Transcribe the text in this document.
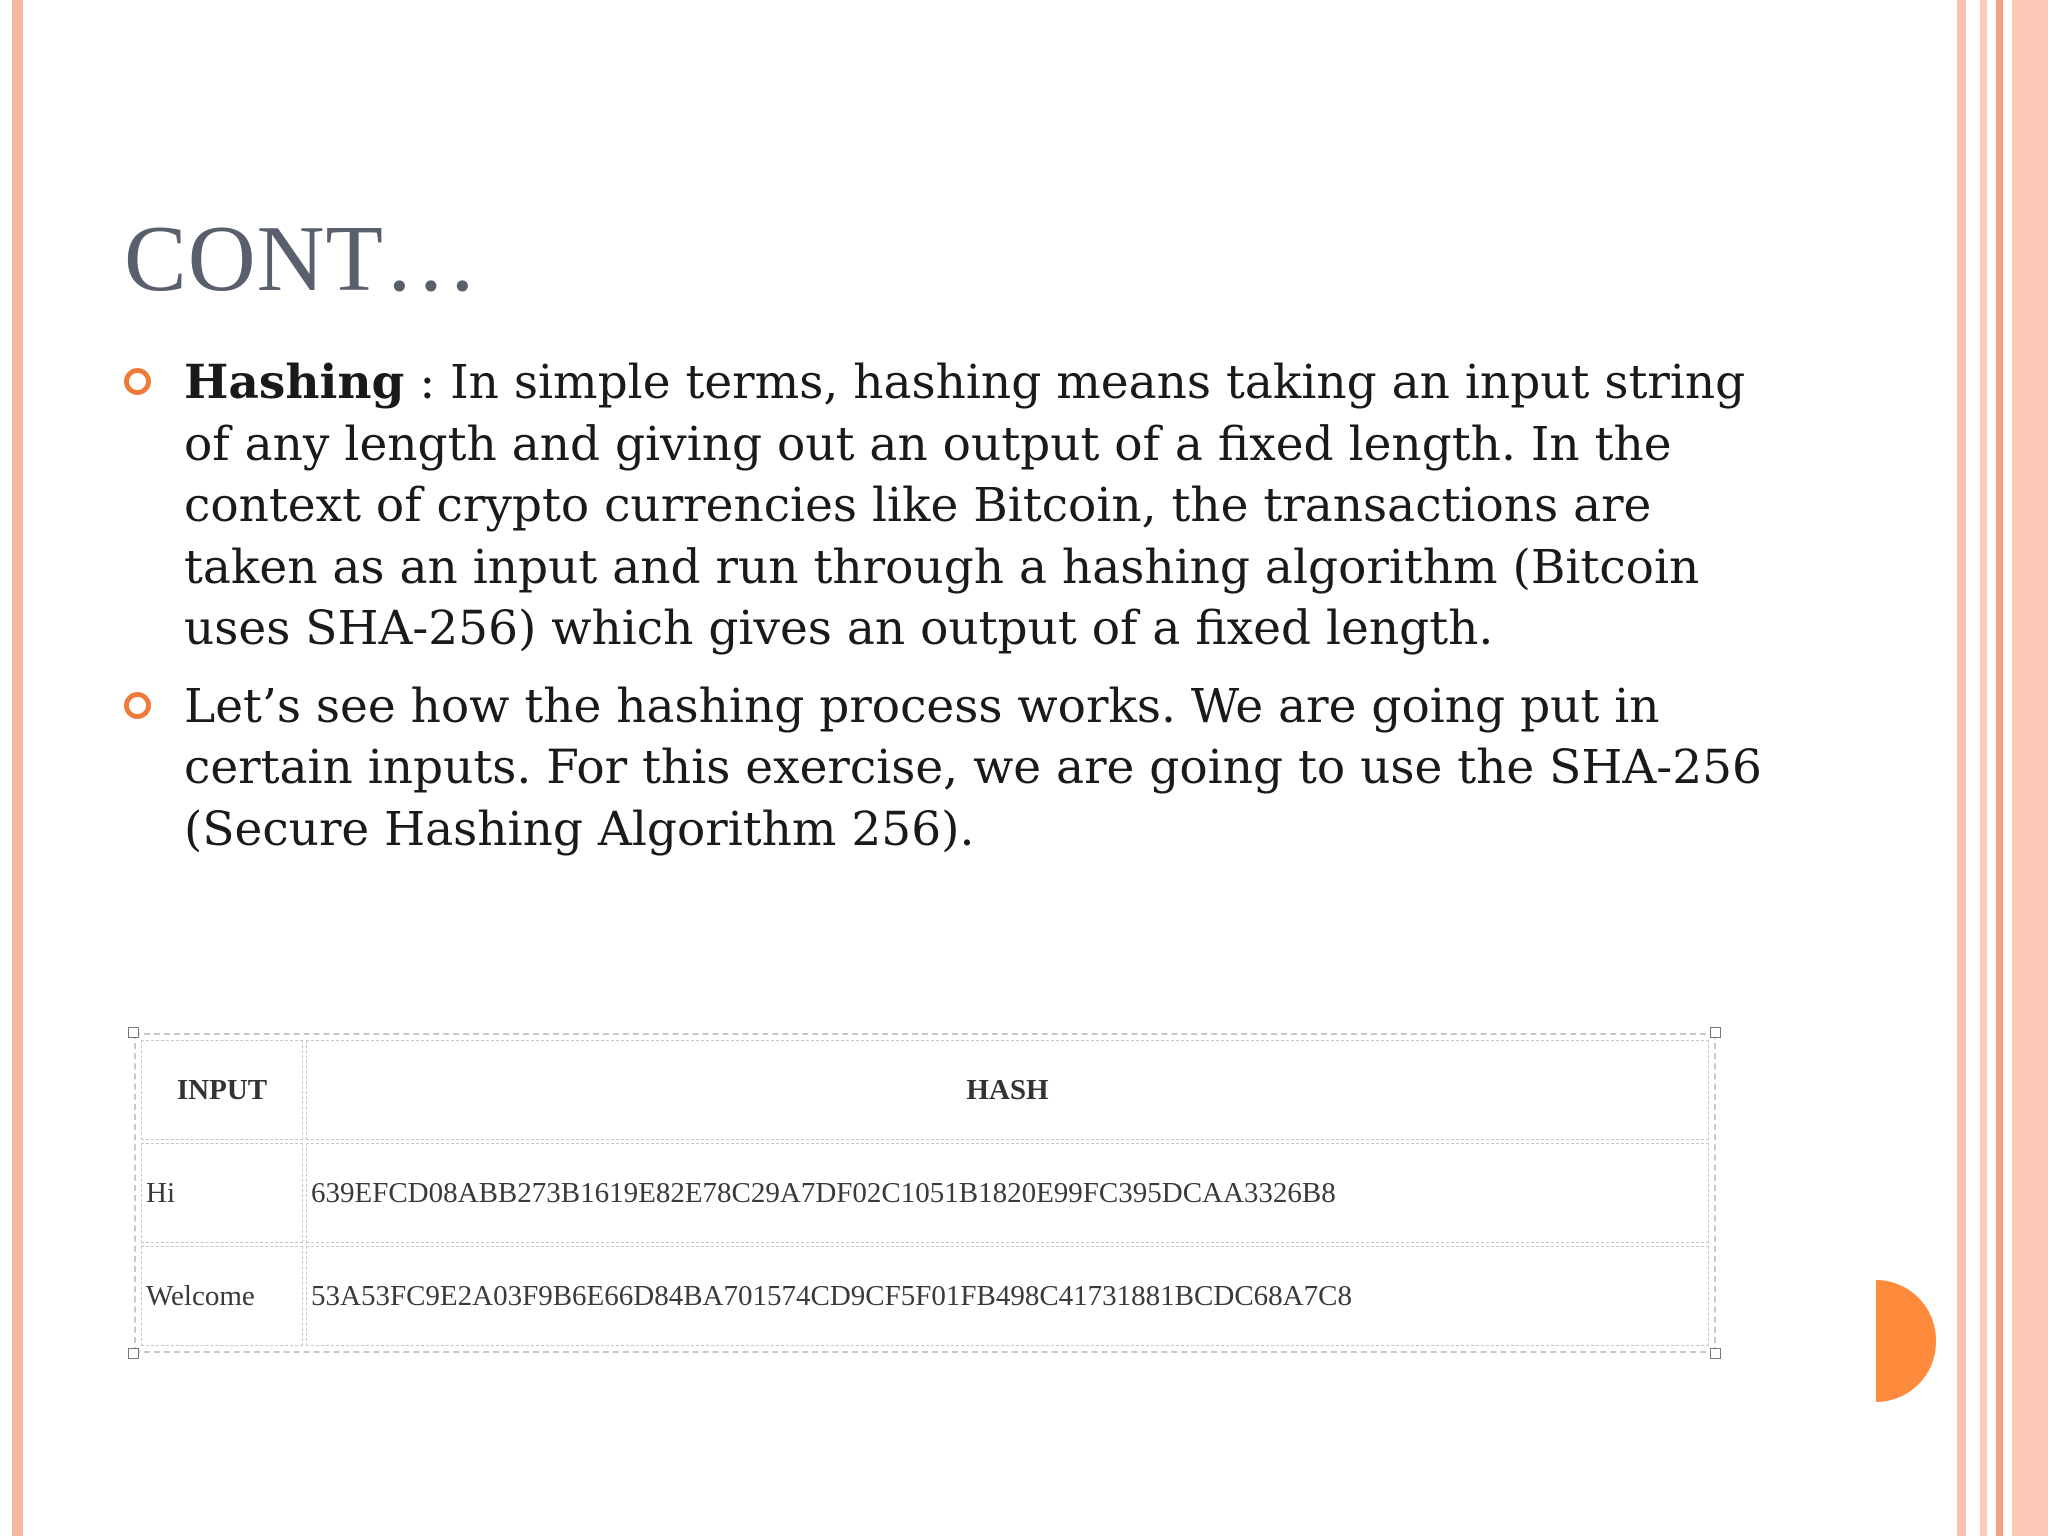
CONT…
Hashing : In simple terms, hashing means taking an input string of any length and giving out an output of a fixed length. In the context of crypto currencies like Bitcoin, the transactions are taken as an input and run through a hashing algorithm (Bitcoin uses SHA-256) which gives an output of a fixed length.
Let’s see how the hashing process works. We are going put in certain inputs. For this exercise, we are going to use the SHA-256 (Secure Hashing Algorithm 256).
INPUT	HASH
Hi	639EFCD08ABB273B1619E82E78C29A7DF02C1051B1820E99FC395DCAA3326B8
Welcome	53A53FC9E2A03F9B6E66D84BA701574CD9CF5F01FB498C41731881BCDC68A7C8
